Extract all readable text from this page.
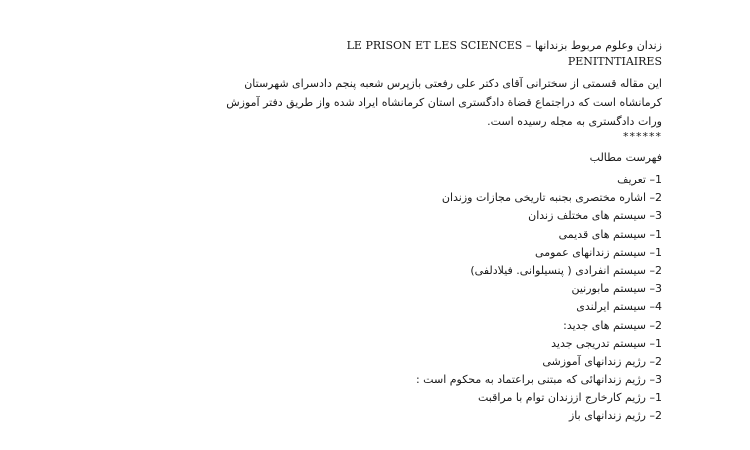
زندان وعلوم مربوط بزندانها – LE PRISON ET LES SCIENCES
PENITNTIAIRES

این مقاله قسمتی از سخترانی آقای دکتر علی رفعتی بازپرس شعبه پنجم دادسرای شهرستان کرمانشاه است که دراجتماع قضاة دادگستری استان کرمانشاه ایراد شده واز طریق دفتر آموزش ورات دادگستری به مجله رسیده است.

******

فهرست مطالب

1– تعریف
2– اشاره مختصری بجنبه تاریخی مجازات وزندان
3– سیستم های مختلف زندان
1– سیستم های قدیمی
1– سیستم زندانهای عمومی
2– سیستم انفرادی ( پنسیلوانی. فیلادلفی)
3– سیستم مابورنین
4– سیستم ایرلندی
2– سیستم های جدید:
1– سیستم تدریجی جدید
2– رژیم زندانهای آموزشی
3– رژیم زندانهائی که مبتنی براعتماد به محکوم است :
1– رژیم کارخارج اززندان توام با مراقبت
2– رژیم زندانهای باز
